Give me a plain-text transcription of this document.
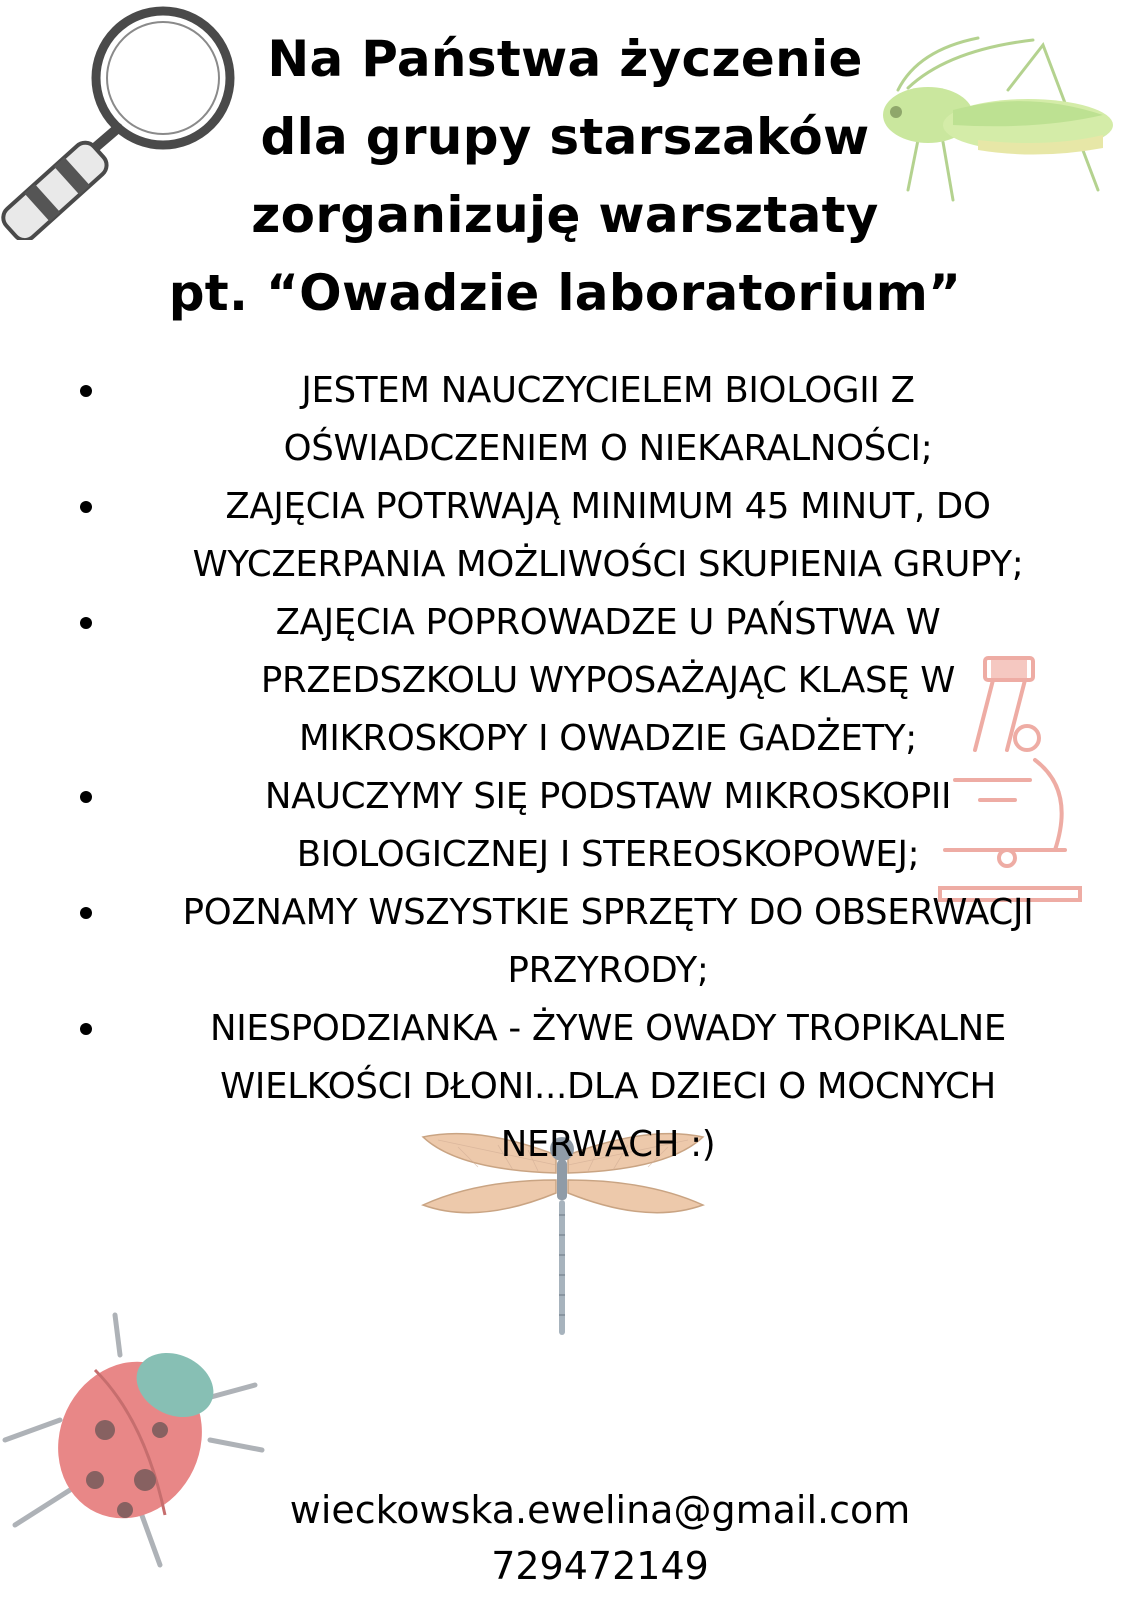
Na Państwa życzenie
dla grupy starszaków
zorganizuję warsztaty
pt. “Owadzie laboratorium”
JESTEM NAUCZYCIELEM BIOLOGII Z
OŚWIADCZENIEM O NIEKARALNOŚCI;
ZAJĘCIA POTRWAJĄ MINIMUM 45 MINUT, DO
WYCZERPANIA MOŻLIWOŚCI SKUPIENIA GRUPY;
ZAJĘCIA POPROWADZE U PAŃSTWA W
PRZEDSZKOLU WYPOSAŻAJĄC KLASĘ W
MIKROSKOPY I OWADZIE GADŻETY;
NAUCZYMY SIĘ PODSTAW MIKROSKOPII
BIOLOGICZNEJ I STEREOSKOPOWEJ;
POZNAMY WSZYSTKIE SPRZĘTY DO OBSERWACJI
PRZYRODY;
NIESPODZIANKA - ŻYWE OWADY TROPIKALNE
WIELKOŚCI DŁONI...DLA DZIECI O MOCNYCH
NERWACH :)
wieckowska.ewelina@gmail.com
729472149
